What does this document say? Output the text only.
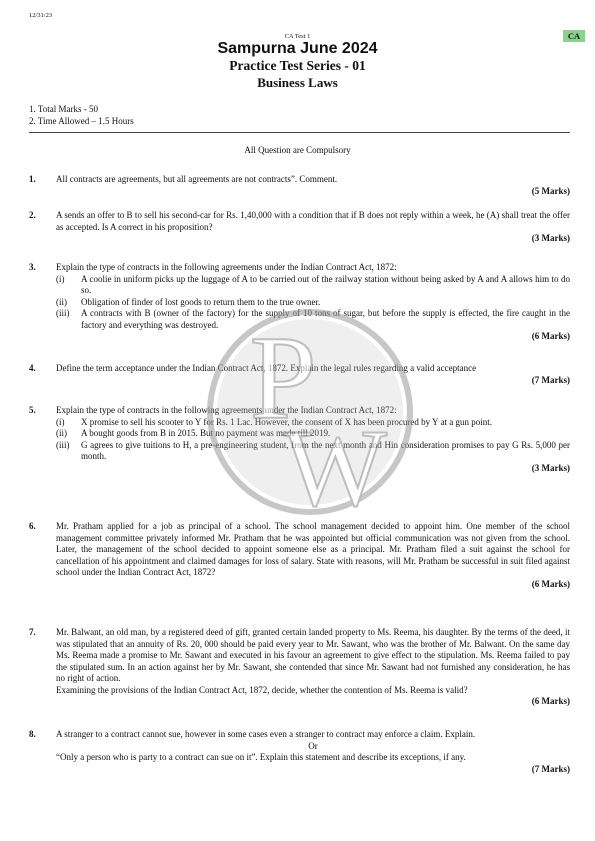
12/31/23
CA
CA Test 1
Sampurna June 2024
Practice Test Series - 01
Business Laws
1. Total Marks - 50
2. Time Allowed – 1.5 Hours
All Question are Compulsory
1. All contracts are agreements, but all agreements are not contracts”. Comment.

(5 Marks)
2. A sends an offer to B to sell his second-car for Rs. 1,40,000 with a condition that if B does not reply within a week, he (A) shall treat the offer as accepted. Is A correct in his proposition?

(3 Marks)
3. Explain the type of contracts in the following agreements under the Indian Contract Act, 1872:

(i) A coolie in uniform picks up the luggage of A to be carried out of the railway station without being asked by A and A allows him to do so.
(ii) Obligation of finder of lost goods to return them to the true owner.
(iii) A contracts with B (owner of the factory) for the supply of 10 tons of sugar, but before the supply is effected, the fire caught in the factory and everything was destroyed.
(6 Marks)
4. Define the term acceptance under the Indian Contract Act, 1872. Explain the legal rules regarding a valid acceptance

(7 Marks)
5. Explain the type of contracts in the following agreements under the Indian Contract Act, 1872:

(i) X promise to sell his scooter to Y for Rs. 1 Lac. However, the consent of X has been procured by Y at a gun point.
(ii) A bought goods from B in 2015. But no payment was made till 2019.
(iii) G agrees to give tuitions to H, a pre-engineering student, from the next month and Hin consideration promises to pay G Rs. 5,000 per month.
(3 Marks)
6. Mr. Pratham applied for a job as principal of a school. The school management decided to appoint him. One member of the school management committee privately informed Mr. Pratham that he was appointed but official communication was not given from the school. Later, the management of the school decided to appoint someone else as a principal. Mr. Pratham filed a suit against the school for cancellation of his appointment and claimed damages for loss of salary. State with reasons, will Mr. Pratham be successful in suit filed against school under the Indian Contract Act, 1872?

(6 Marks)
7. Mr. Balwant, an old man, by a registered deed of gift, granted certain landed property to Ms. Reema, his daughter. By the terms of the deed, it was stipulated that an annuity of Rs. 20, 000 should be paid every year to Mr. Sawant, who was the brother of Mr. Balwant. On the same day Ms. Reema made a promise to Mr. Sawant and executed in his favour an agreement to give effect to the stipulation. Ms. Reema failed to pay the stipulated sum. In an action against her by Mr. Sawant, she contended that since Mr. Sawant had not furnished any consideration, he has no right of action.

Examining the provisions of the Indian Contract Act, 1872, decide, whether the contention of Ms. Reema is valid?

(6 Marks)
8. A stranger to a contract cannot sue, however in some cases even a stranger to contract may enforce a claim. Explain.

Or

“Only a person who is party to a contract can sue on it”. Explain this statement and describe its exceptions, if any.

(7 Marks)
P
W
